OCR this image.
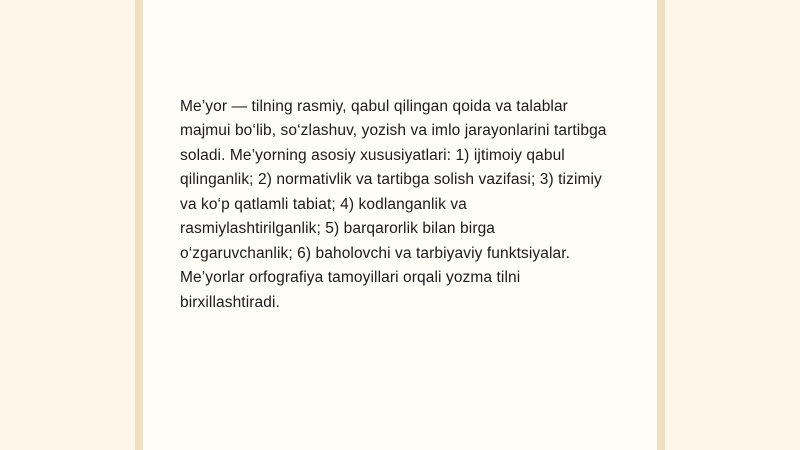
Me’yor — tilning rasmiy, qabul qilingan qoida va talablar majmui bo‘lib, so‘zlashuv, yozish va imlo jarayonlarini tartibga soladi. Me’yorning asosiy xususiyatlari: 1) ijtimoiy qabul qilinganlik; 2) normativlik va tartibga solish vazifasi; 3) tizimiy va ko‘p qatlamli tabiat; 4) kodlanganlik va rasmiylashtirilganlik; 5) barqarorlik bilan birga o‘zgaruvchanlik; 6) baholovchi va tarbiyaviy funktsiyalar. Me’yorlar orfografiya tamoyillari orqali yozma tilni birxillashtiradi.
